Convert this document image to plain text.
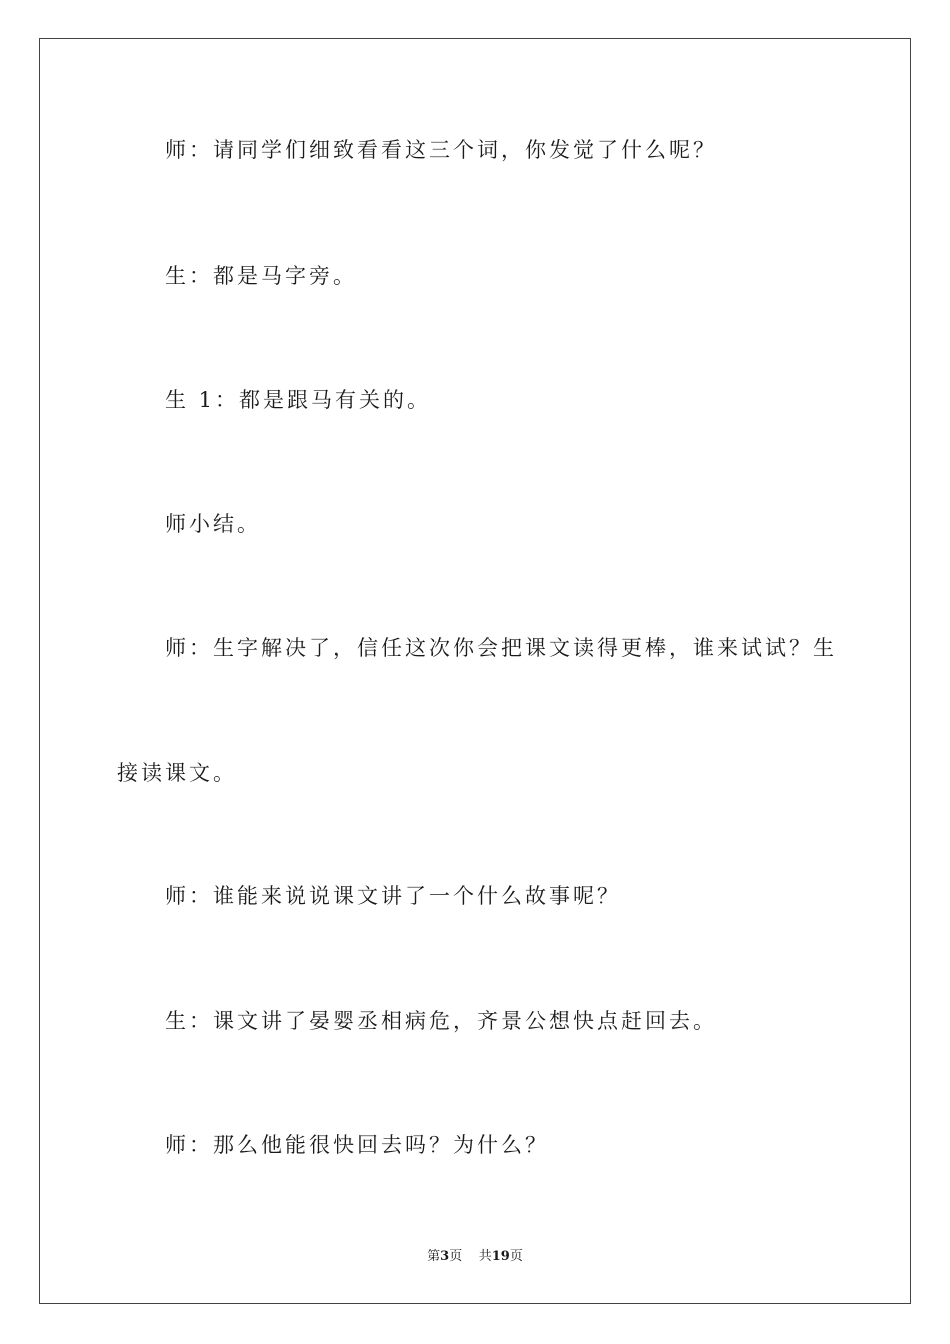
师：请同学们细致看看这三个词，你发觉了什么呢？
生：都是马字旁。
生 1：都是跟马有关的。
师小结。
师：生字解决了，信任这次你会把课文读得更棒，谁来试试？生
接读课文。
师：谁能来说说课文讲了一个什么故事呢？
生：课文讲了晏婴丞相病危，齐景公想快点赶回去。
师：那么他能很快回去吗？为什么？
第3页 共19页
